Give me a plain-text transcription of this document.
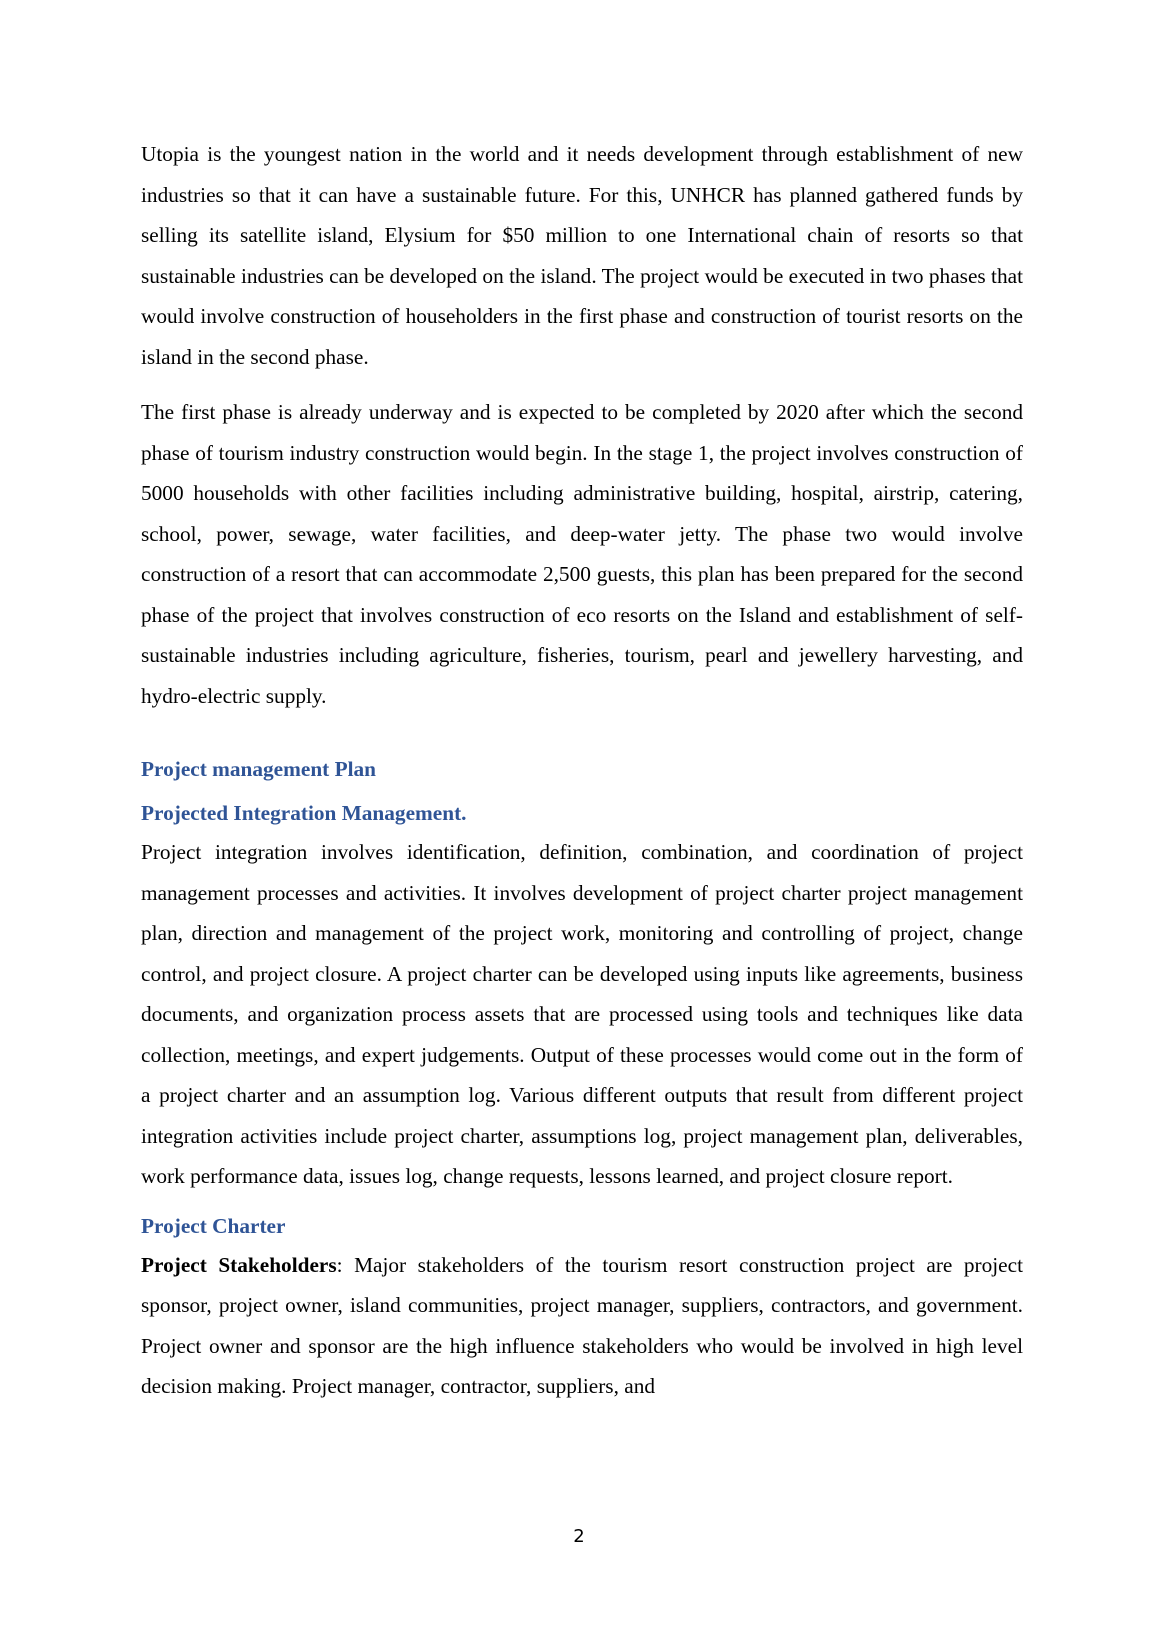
Utopia is the youngest nation in the world and it needs development through establishment of new industries so that it can have a sustainable future. For this, UNHCR has planned gathered funds by selling its satellite island, Elysium for $50 million to one International chain of resorts so that sustainable industries can be developed on the island. The project would be executed in two phases that would involve construction of householders in the first phase and construction of tourist resorts on the island in the second phase.

The first phase is already underway and is expected to be completed by 2020 after which the second phase of tourism industry construction would begin. In the stage 1, the project involves construction of 5000 households with other facilities including administrative building, hospital, airstrip, catering, school, power, sewage, water facilities, and deep-water jetty. The phase two would involve construction of a resort that can accommodate 2,500 guests, this plan has been prepared for the second phase of the project that involves construction of eco resorts on the Island and establishment of self-sustainable industries including agriculture, fisheries, tourism, pearl and jewellery harvesting, and hydro-electric supply.

Project management Plan
Projected Integration Management.

Project integration involves identification, definition, combination, and coordination of project management processes and activities. It involves development of project charter project management plan, direction and management of the project work, monitoring and controlling of project, change control, and project closure. A project charter can be developed using inputs like agreements, business documents, and organization process assets that are processed using tools and techniques like data collection, meetings, and expert judgements. Output of these processes would come out in the form of a project charter and an assumption log. Various different outputs that result from different project integration activities include project charter, assumptions log, project management plan, deliverables, work performance data, issues log, change requests, lessons learned, and project closure report.

Project Charter

Project Stakeholders: Major stakeholders of the tourism resort construction project are project sponsor, project owner, island communities, project manager, suppliers, contractors, and government. Project owner and sponsor are the high influence stakeholders who would be involved in high level decision making. Project manager, contractor, suppliers, and

2
